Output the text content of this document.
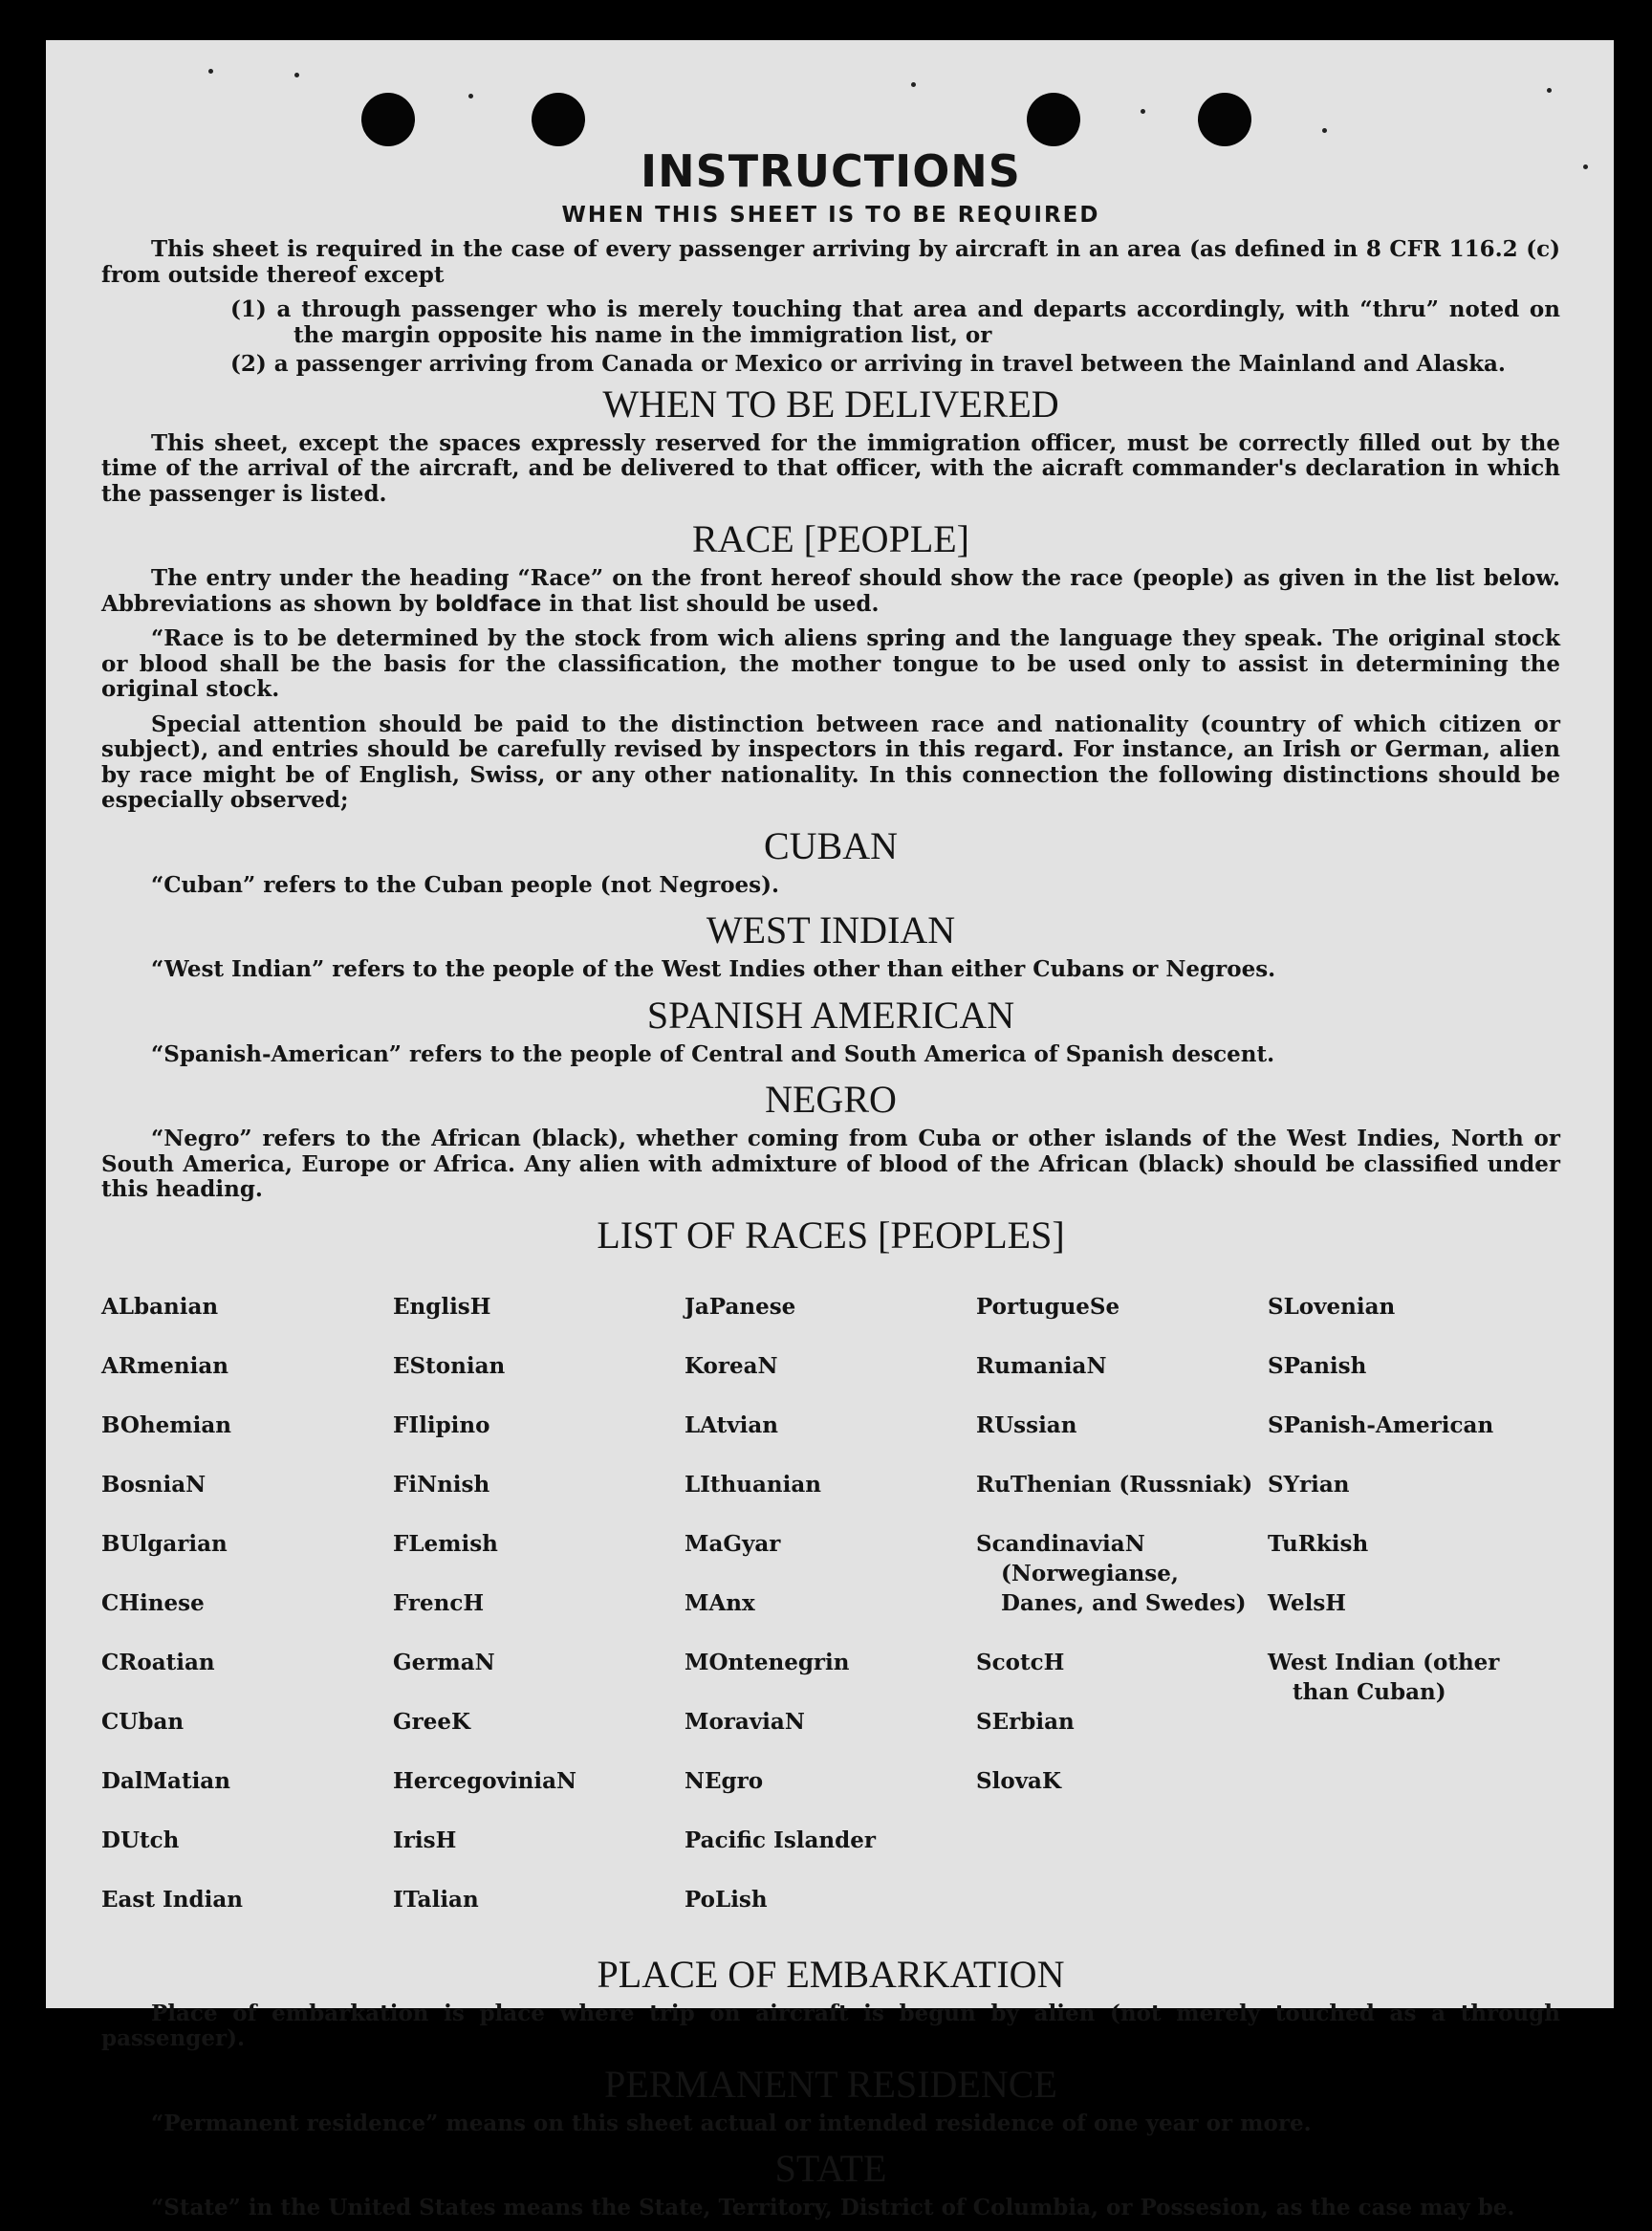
INSTRUCTIONS
WHEN THIS SHEET IS TO BE REQUIRED

This sheet is required in the case of every passenger arriving by aircraft in an area (as defined in 8 CFR 116.2 (c) from outside thereof except

(1) a through passenger who is merely touching that area and departs accordingly, with “thru” noted on the margin opposite his name in the immigration list, or
(2) a passenger arriving from Canada or Mexico or arriving in travel between the Mainland and Alaska.
WHEN TO BE DELIVERED

This sheet, except the spaces expressly reserved for the immigration officer, must be correctly filled out by the time of the arrival of the aircraft, and be delivered to that officer, with the aicraft commander's declaration in which the passenger is listed.

RACE [PEOPLE]

The entry under the heading “Race” on the front hereof should show the race (people) as given in the list below. Abbreviations as shown by boldface in that list should be used.

“Race is to be determined by the stock from wich aliens spring and the language they speak. The original stock or blood shall be the basis for the classification, the mother tongue to be used only to assist in determining the original stock.

Special attention should be paid to the distinction between race and nationality (country of which citizen or subject), and entries should be carefully revised by inspectors in this regard. For instance, an Irish or German, alien by race might be of English, Swiss, or any other nationality. In this connection the following distinctions should be especially observed;

CUBAN

“Cuban” refers to the Cuban people (not Negroes).

WEST INDIAN

“West Indian” refers to the people of the West Indies other than either Cubans or Negroes.

SPANISH AMERICAN

“Spanish-American” refers to the people of Central and South America of Spanish descent.

NEGRO

“Negro” refers to the African (black), whether coming from Cuba or other islands of the West Indies, North or South America, Europe or Africa. Any alien with admixture of blood of the African (black) should be classified under this heading.

LIST OF RACES [PEOPLES]

ALbanian

ARmenian

BOhemian

BosniaN

BUlgarian

CHinese

CRoatian

CUban

DalMatian

DUtch

East Indian

EnglisH

EStonian

FIlipino

FiNnish

FLemish

FrencH

GermaN

GreeK

HercegoviniaN

IrisH

ITalian

JaPanese

KoreaN

LAtvian

LIthuanian

MaGyar

MAnx

MOntenegrin

MoraviaN

NEgro

Pacific Islander

PoLish

PortugueSe

RumaniaN

RUssian

RuThenian (Russniak)

ScandinaviaN (Norwegianse, Danes, and Swedes)

ScotcH

SErbian

SlovaK

SLovenian

SPanish

SPanish-American

SYrian

TuRkish

WelsH

West Indian (other than Cuban)

PLACE OF EMBARKATION

Place of embarkation is place where trip on aircraft is begun by alien (not merely touched as a through passenger).

PERMANENT RESIDENCE

“Permanent residence” means on this sheet actual or intended residence of one year or more.

STATE

“State” in the United States means the State, Territory, District of Columbia, or Possesion, as the case may be.
